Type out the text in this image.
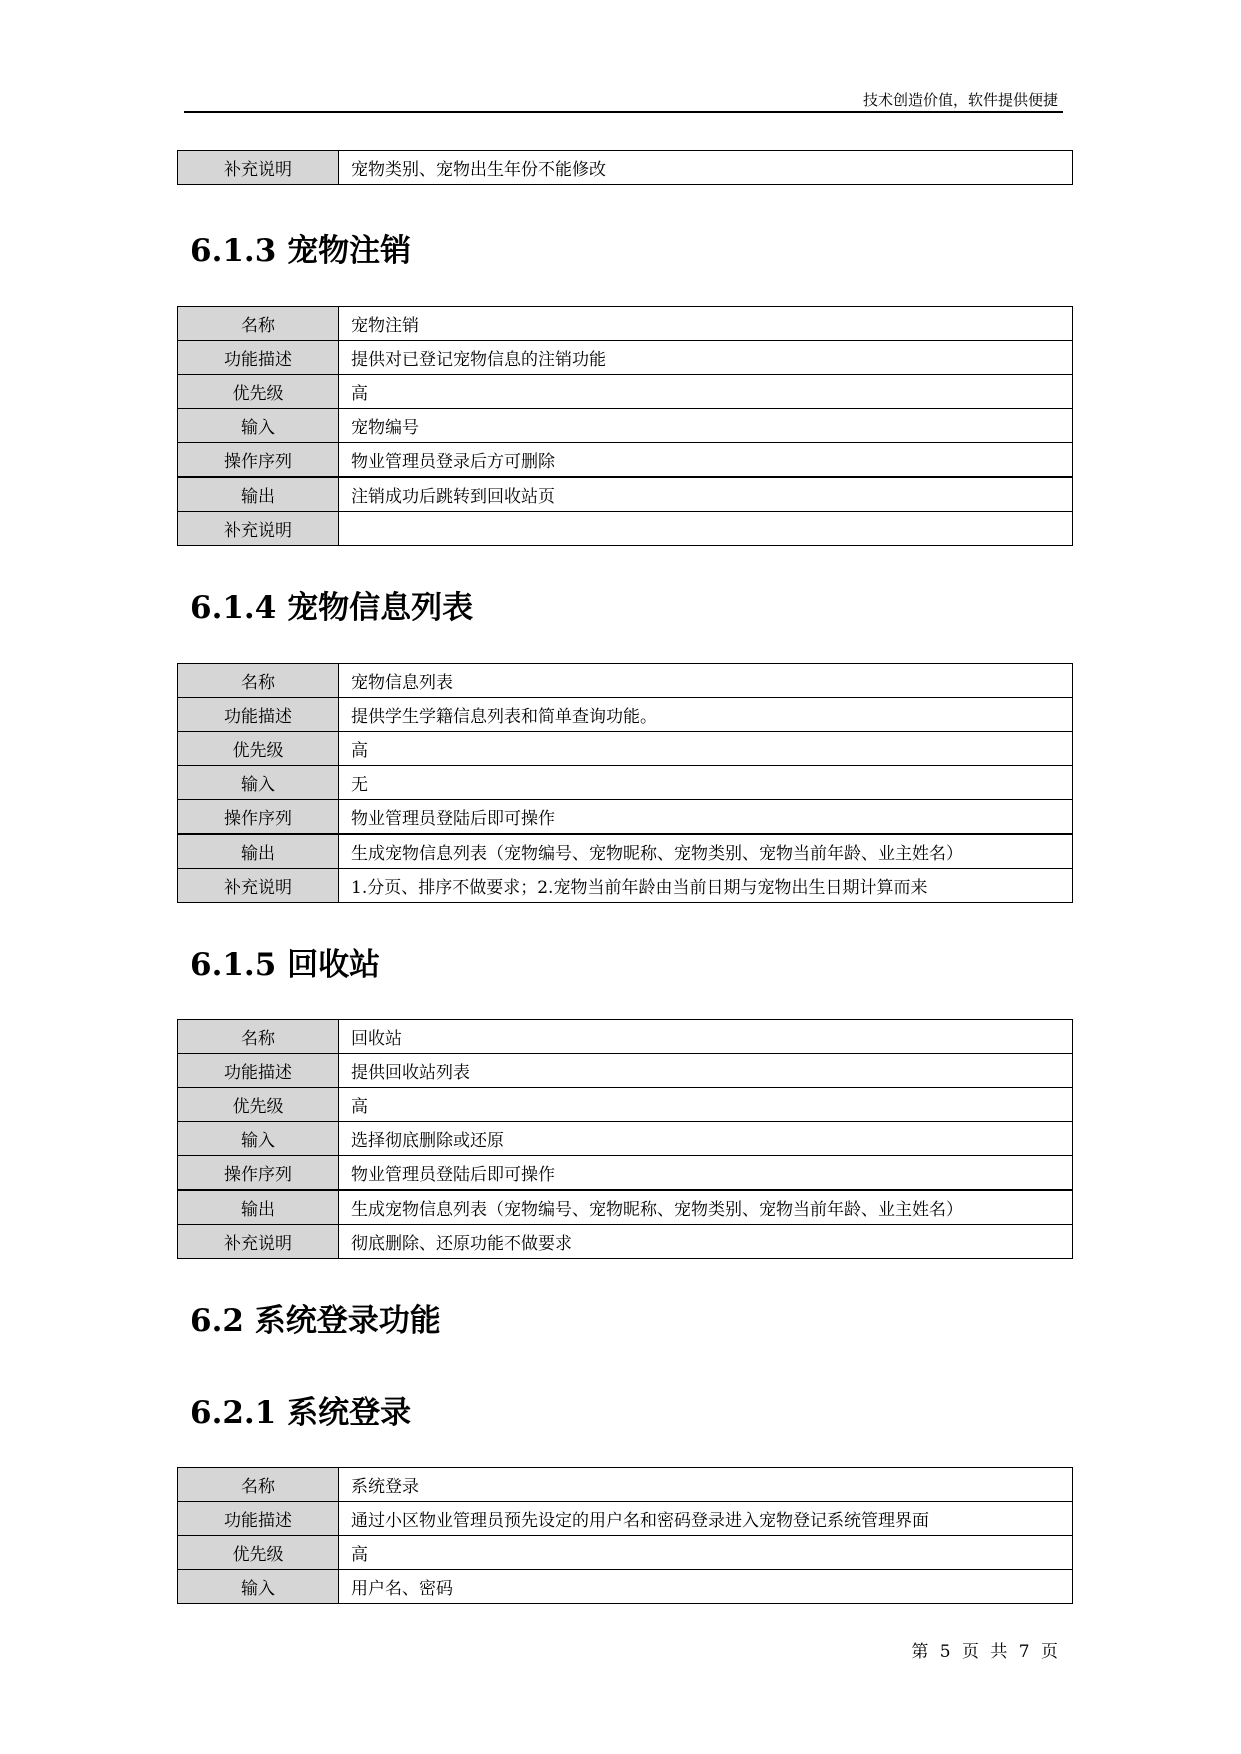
技术创造价值，软件提供便捷
补充说明	宠物类别、宠物出生年份不能修改
6.1.3 宠物注销
名称	宠物注销
功能描述	提供对已登记宠物信息的注销功能
优先级	高
输入	宠物编号
操作序列	物业管理员登录后方可删除
输出	注销成功后跳转到回收站页
补充说明	
6.1.4 宠物信息列表
名称	宠物信息列表
功能描述	提供学生学籍信息列表和简单查询功能。
优先级	高
输入	无
操作序列	物业管理员登陆后即可操作
输出	生成宠物信息列表（宠物编号、宠物昵称、宠物类别、宠物当前年龄、业主姓名）
补充说明	1.分页、排序不做要求；2.宠物当前年龄由当前日期与宠物出生日期计算而来
6.1.5 回收站
名称	回收站
功能描述	提供回收站列表
优先级	高
输入	选择彻底删除或还原
操作序列	物业管理员登陆后即可操作
输出	生成宠物信息列表（宠物编号、宠物昵称、宠物类别、宠物当前年龄、业主姓名）
补充说明	彻底删除、还原功能不做要求
6.2 系统登录功能
6.2.1 系统登录
名称	系统登录
功能描述	通过小区物业管理员预先设定的用户名和密码登录进入宠物登记系统管理界面
优先级	高
输入	用户名、密码
第 5 页 共 7 页
